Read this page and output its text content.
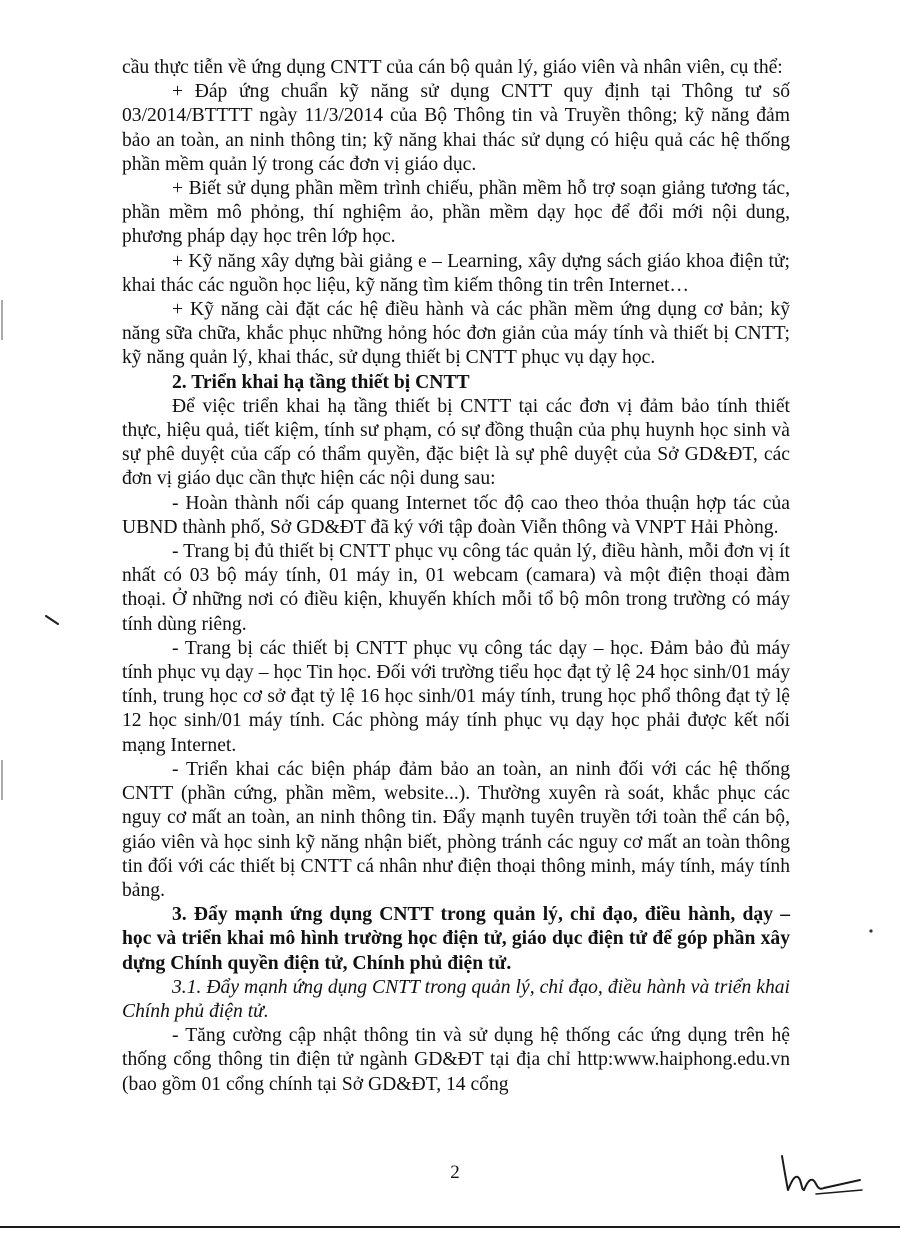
cầu thực tiễn về ứng dụng CNTT của cán bộ quản lý, giáo viên và nhân viên, cụ thể:

+ Đáp ứng chuẩn kỹ năng sử dụng CNTT quy định tại Thông tư số 03/2014/BTTTT ngày 11/3/2014 của Bộ Thông tin và Truyền thông; kỹ năng đảm bảo an toàn, an ninh thông tin; kỹ năng khai thác sử dụng có hiệu quả các hệ thống phần mềm quản lý trong các đơn vị giáo dục.

+ Biết sử dụng phần mềm trình chiếu, phần mềm hỗ trợ soạn giảng tương tác, phần mềm mô phỏng, thí nghiệm ảo, phần mềm dạy học để đổi mới nội dung, phương pháp dạy học trên lớp học.

+ Kỹ năng xây dựng bài giảng e – Learning, xây dựng sách giáo khoa điện tử; khai thác các nguồn học liệu, kỹ năng tìm kiếm thông tin trên Internet…

+ Kỹ năng cài đặt các hệ điều hành và các phần mềm ứng dụng cơ bản; kỹ năng sữa chữa, khắc phục những hỏng hóc đơn giản của máy tính và thiết bị CNTT; kỹ năng quản lý, khai thác, sử dụng thiết bị CNTT phục vụ dạy học.

2. Triển khai hạ tầng thiết bị CNTT

Để việc triển khai hạ tầng thiết bị CNTT tại các đơn vị đảm bảo tính thiết thực, hiệu quả, tiết kiệm, tính sư phạm, có sự đồng thuận của phụ huynh học sinh và sự phê duyệt của cấp có thẩm quyền, đặc biệt là sự phê duyệt của Sở GD&ĐT, các đơn vị giáo dục cần thực hiện các nội dung sau:

- Hoàn thành nối cáp quang Internet tốc độ cao theo thỏa thuận hợp tác của UBND thành phố, Sở GD&ĐT đã ký với tập đoàn Viễn thông và VNPT Hải Phòng.

- Trang bị đủ thiết bị CNTT phục vụ công tác quản lý, điều hành, mỗi đơn vị ít nhất có 03 bộ máy tính, 01 máy in, 01 webcam (camara) và một điện thoại đàm thoại. Ở những nơi có điều kiện, khuyến khích mỗi tổ bộ môn trong trường có máy tính dùng riêng.

- Trang bị các thiết bị CNTT phục vụ công tác dạy – học. Đảm bảo đủ máy tính phục vụ dạy – học Tin học. Đối với trường tiểu học đạt tỷ lệ 24 học sinh/01 máy tính, trung học cơ sở đạt tỷ lệ 16 học sinh/01 máy tính, trung học phổ thông đạt tỷ lệ 12 học sinh/01 máy tính. Các phòng máy tính phục vụ dạy học phải được kết nối mạng Internet.

- Triển khai các biện pháp đảm bảo an toàn, an ninh đối với các hệ thống CNTT (phần cứng, phần mềm, website...). Thường xuyên rà soát, khắc phục các nguy cơ mất an toàn, an ninh thông tin. Đẩy mạnh tuyên truyền tới toàn thể cán bộ, giáo viên và học sinh kỹ năng nhận biết, phòng tránh các nguy cơ mất an toàn thông tin đối với các thiết bị CNTT cá nhân như điện thoại thông minh, máy tính, máy tính bảng.

3. Đẩy mạnh ứng dụng CNTT trong quản lý, chỉ đạo, điều hành, dạy – học và triển khai mô hình trường học điện tử, giáo dục điện tử để góp phần xây dựng Chính quyền điện tử, Chính phủ điện tử.

3.1. Đẩy mạnh ứng dụng CNTT trong quản lý, chỉ đạo, điều hành và triển khai Chính phủ điện tử.

- Tăng cường cập nhật thông tin và sử dụng hệ thống các ứng dụng trên hệ thống cổng thông tin điện tử ngành GD&ĐT tại địa chỉ http:www.haiphong.edu.vn (bao gồm 01 cổng chính tại Sở GD&ĐT, 14 cổng

2
